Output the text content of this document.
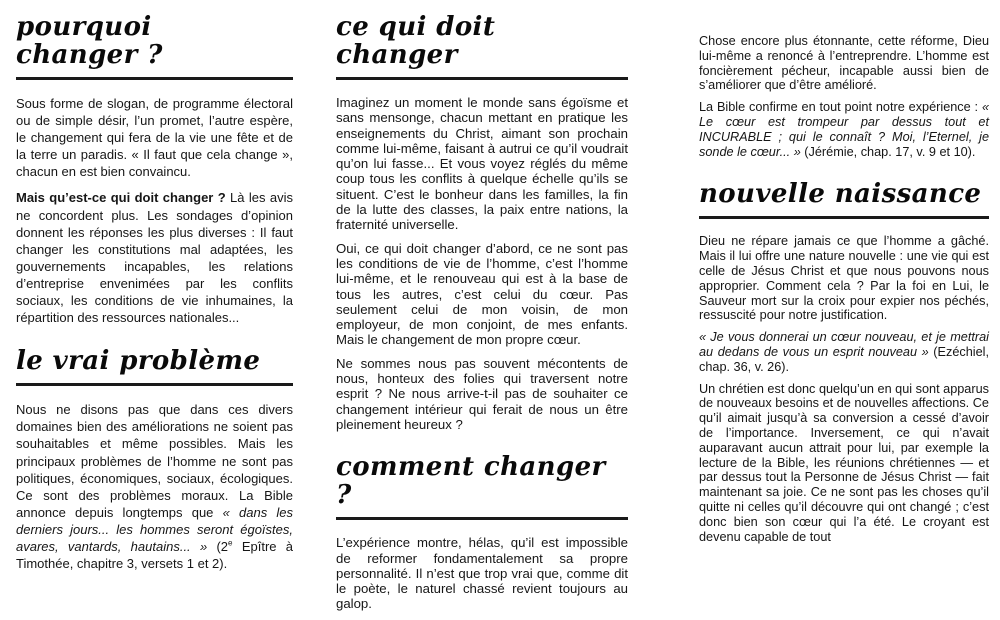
pourquoi
changer ?

Sous forme de slogan, de programme électoral ou de simple désir, l’un promet, l’autre espère, le changement qui fera de la vie une fête et de la terre un paradis. « Il faut que cela change », chacun en est bien convaincu.

Mais qu’est-ce qui doit changer ? Là les avis ne concordent plus. Les sondages d’opinion donnent les réponses les plus diverses : Il faut changer les constitutions mal adaptées, les gouvernements incapables, les relations d’entreprise envenimées par les conflits sociaux, les conditions de vie inhumaines, la répartition des ressources nationales...

le vrai problème

Nous ne disons pas que dans ces divers domaines bien des améliorations ne soient pas souhaitables et même possibles. Mais les principaux problèmes de l’homme ne sont pas politiques, économiques, sociaux, écologiques. Ce sont des problèmes moraux. La Bible annonce depuis longtemps que « dans les derniers jours... les hommes seront égoïstes, avares, vantards, hautains... » (2e Epître à Timothée, chapitre 3, versets 1 et 2).

ce qui doit
changer

Imaginez un moment le monde sans égoïsme et sans mensonge, chacun mettant en pratique les enseignements du Christ, aimant son prochain comme lui-même, faisant à autrui ce qu’il voudrait qu’on lui fasse... Et vous voyez réglés du même coup tous les conflits à quelque échelle qu’ils se situent. C’est le bonheur dans les familles, la fin de la lutte des classes, la paix entre nations, la fraternité universelle.

Oui, ce qui doit changer d’abord, ce ne sont pas les conditions de vie de l’homme, c’est l’homme lui-même, et le renouveau qui est à la base de tous les autres, c’est celui du cœur. Pas seulement celui de mon voisin, de mon employeur, de mon conjoint, de mes enfants. Mais le changement de mon propre cœur.

Ne sommes nous pas souvent mécontents de nous, honteux des folies qui traversent notre esprit ? Ne nous arrive-t-il pas de souhaiter ce changement intérieur qui ferait de nous un être pleinement heureux ?

comment changer ?

L’expérience montre, hélas, qu’il est impossible de reformer fondamentalement sa propre personnalité. Il n’est que trop vrai que, comme dit le poète, le naturel chassé revient toujours au galop.

Chose encore plus étonnante, cette réforme, Dieu lui-même a renoncé à l’entreprendre. L’homme est foncièrement pécheur, incapable aussi bien de s’améliorer que d’être amélioré.

La Bible confirme en tout point notre expérience : « Le cœur est trompeur par dessus tout et INCURABLE ; qui le connaît ? Moi, l’Eternel, je sonde le cœur... » (Jérémie, chap. 17, v. 9 et 10).

nouvelle naissance

Dieu ne répare jamais ce que l’homme a gâché. Mais il lui offre une nature nouvelle : une vie qui est celle de Jésus Christ et que nous pouvons nous approprier. Comment cela ? Par la foi en Lui, le Sauveur mort sur la croix pour expier nos péchés, ressuscité pour notre justification.

« Je vous donnerai un cœur nouveau, et je mettrai au dedans de vous un esprit nouveau » (Ezéchiel, chap. 36, v. 26).

Un chrétien est donc quelqu’un en qui sont apparus de nouveaux besoins et de nouvelles affections. Ce qu’il aimait jusqu’à sa conversion a cessé d’avoir de l’importance. Inversement, ce qui n’avait auparavant aucun attrait pour lui, par exemple la lecture de la Bible, les réunions chrétiennes — et par dessus tout la Personne de Jésus Christ — fait maintenant sa joie. Ce ne sont pas les choses qu’il quitte ni celles qu’il découvre qui ont changé ; c’est donc bien son cœur qui l’a été. Le croyant est devenu capable de tout
